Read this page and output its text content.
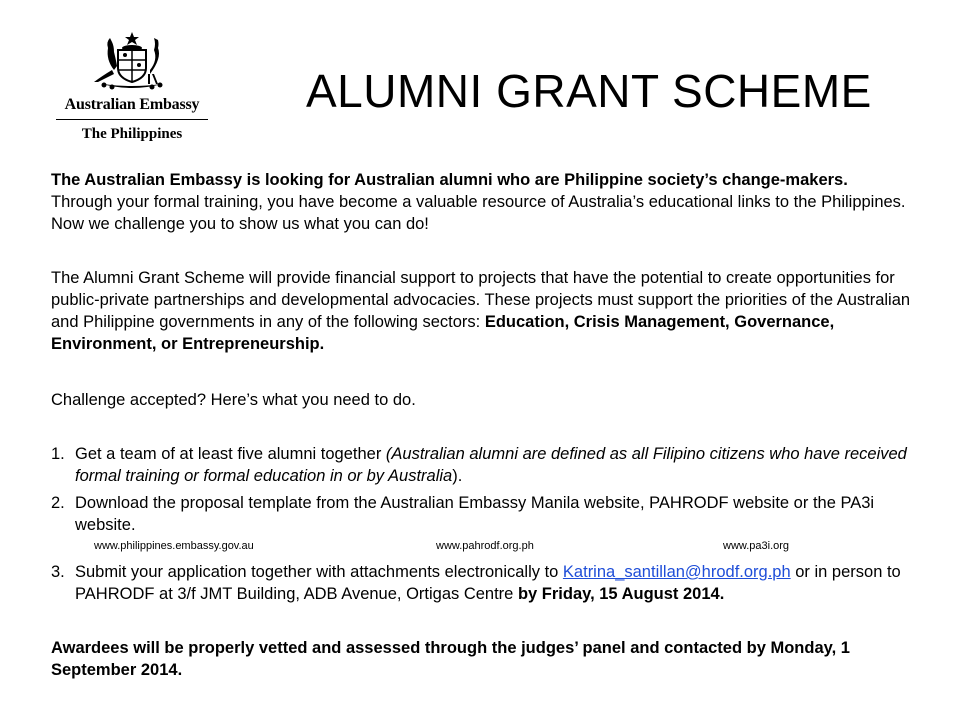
Australian Embassy
The Philippines
ALUMNI GRANT SCHEME
The Australian Embassy is looking for Australian alumni who are Philippine society’s change-makers. Through your formal training, you have become a valuable resource of Australia’s educational links to the Philippines. Now we challenge you to show us what you can do!
The Alumni Grant Scheme will provide financial support to projects that have the potential to create opportunities for public-private partnerships and developmental advocacies. These projects must support the priorities of the Australian and Philippine governments in any of the following sectors: Education, Crisis Management, Governance, Environment, or Entrepreneurship.
Challenge accepted? Here’s what you need to do.
1. Get a team of at least five alumni together (Australian alumni are defined as all Filipino citizens who have received formal training or formal education in or by Australia).
2. Download the proposal template from the Australian Embassy Manila website, PAHRODF website or the PA3i website.
www.philippines.embassy.gov.au	www.pahrodf.org.ph	www.pa3i.org
3. Submit your application together with attachments electronically to Katrina_santillan@hrodf.org.ph or in person to PAHRODF at 3/f JMT Building, ADB Avenue, Ortigas Centre by Friday, 15 August 2014.
Awardees will be properly vetted and assessed through the judges’ panel and contacted by Monday, 1 September 2014.
